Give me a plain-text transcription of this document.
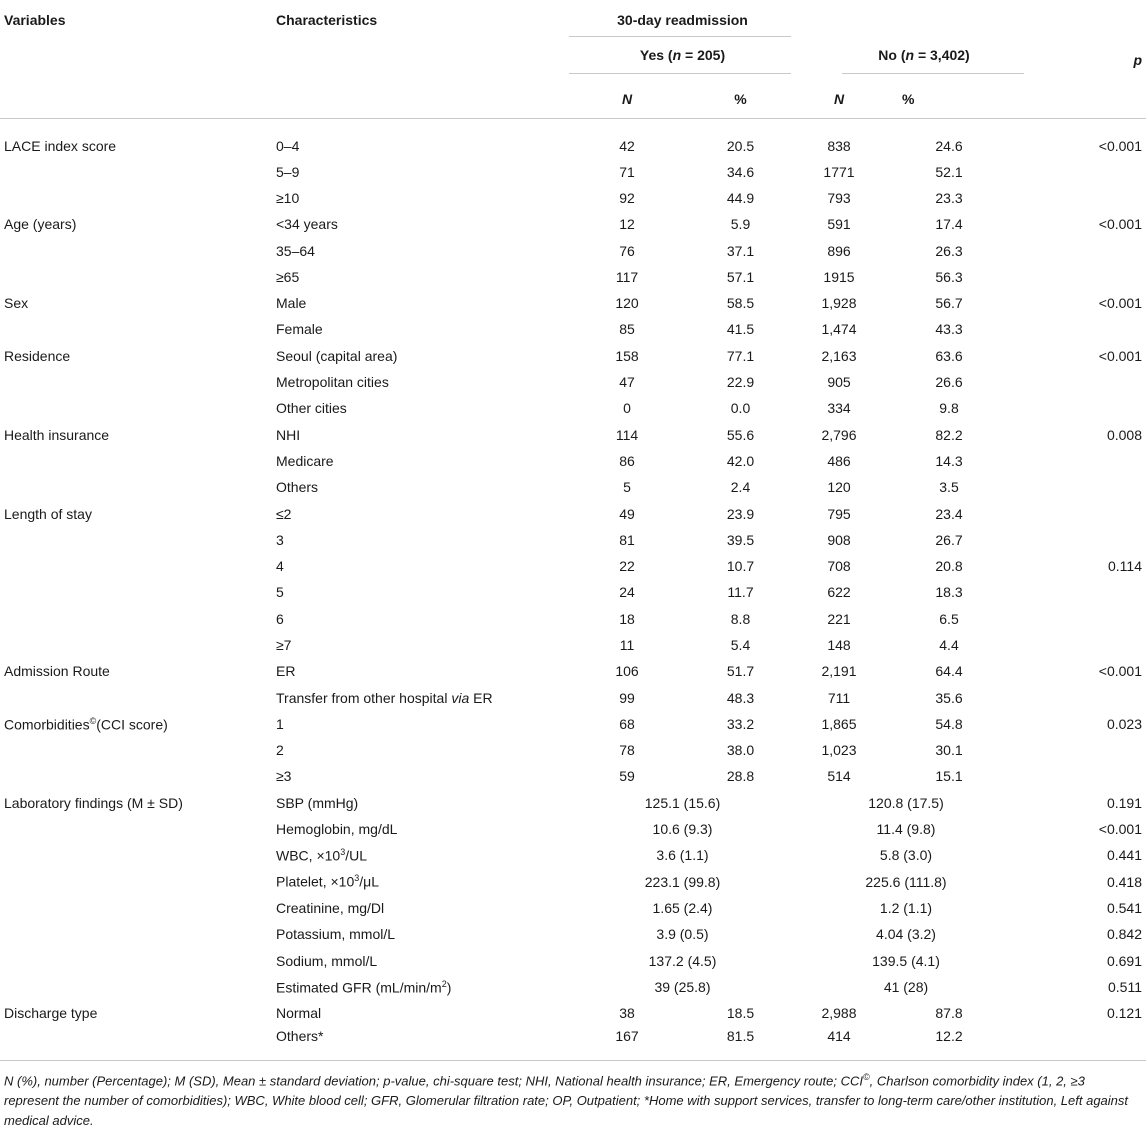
Variables	Characteristics	30-day readmission				

		Yes (n = 205)		No (n = 3,402)		p
		N	%	N	%	
LACE index score	0–4	42	20.5	838	24.6	<0.001
	5–9	71	34.6	1771	52.1	
	≥10	92	44.9	793	23.3	
Age (years)	<34 years	12	5.9	591	17.4	<0.001
	35–64	76	37.1	896	26.3	
	≥65	117	57.1	1915	56.3	
Sex	Male	120	58.5	1,928	56.7	<0.001
	Female	85	41.5	1,474	43.3	
Residence	Seoul (capital area)	158	77.1	2,163	63.6	<0.001
	Metropolitan cities	47	22.9	905	26.6	
	Other cities	0	0.0	334	9.8	
Health insurance	NHI	114	55.6	2,796	82.2	0.008
	Medicare	86	42.0	486	14.3	
	Others	5	2.4	120	3.5	
Length of stay	≤2	49	23.9	795	23.4	
	3	81	39.5	908	26.7	
	4	22	10.7	708	20.8	0.114
	5	24	11.7	622	18.3	
	6	18	8.8	221	6.5	
	≥7	11	5.4	148	4.4	
Admission Route	ER	106	51.7	2,191	64.4	<0.001
	Transfer from other hospital via ER	99	48.3	711	35.6	
Comorbidities©(CCI score)	1	68	33.2	1,865	54.8	0.023
	2	78	38.0	1,023	30.1	
	≥3	59	28.8	514	15.1	
Laboratory findings (M ± SD)	SBP (mmHg)	125.1 (15.6)		120.8 (17.5)		0.191
	Hemoglobin, mg/dL	10.6 (9.3)		11.4 (9.8)		<0.001
	WBC, $\times 10^3/UL$	3.6 (1.1)		5.8 (3.0)		0.441
	Platelet, $\times 10^3/\mu L$	223.1 (99.8)		225.6 (111.8)		0.418
	Creatinine, mg/Dl	1.65 (2.4)		1.2 (1.1)		0.541
	Potassium, mmol/L	3.9 (0.5)		4.04 (3.2)		0.842
	Sodium, mmol/L	137.2 (4.5)		139.5 (4.1)		0.691
	Estimated GFR $(mL/\min/m^2)$	39 (25.8)		41 (28)		0.511
Discharge type	Normal	38	18.5	2,988	87.8	0.121
	Others*	167	81.5	414	12.2	
N (%), number (Percentage); M (SD), Mean ± standard deviation; p-value, chi-square test; NHI, National health insurance; ER, Emergency route; CCI©, Charlson comorbidity index (1, 2, ≥3 represent the number of comorbidities); WBC, White blood cell; GFR, Glomerular filtration rate; OP, Outpatient; *Home with support services, transfer to long-term care/other institution, Left against medical advice.
